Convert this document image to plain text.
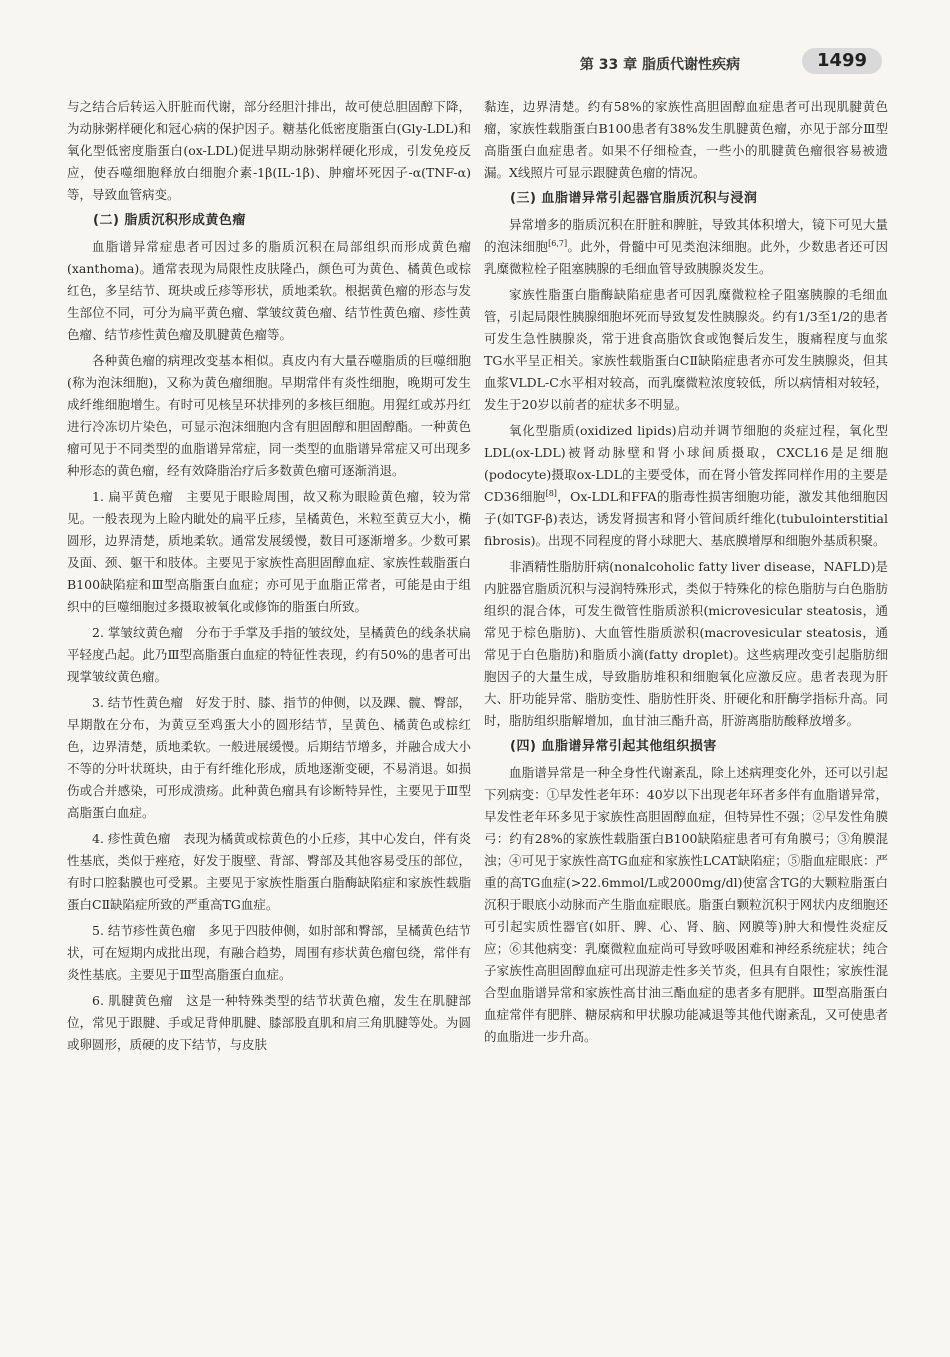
第 33 章 脂质代谢性疾病	1499

与之结合后转运入肝脏而代谢，部分经胆汁排出，故可使总胆固醇下降，为动脉粥样硬化和冠心病的保护因子。糖基化低密度脂蛋白(Gly-LDL)和氧化型低密度脂蛋白(ox-LDL)促进早期动脉粥样硬化形成，引发免疫反应，使吞噬细胞释放白细胞介素-1β(IL-1β)、肿瘤坏死因子-α(TNF-α)等，导致血管病变。

(二) 脂质沉积形成黄色瘤

血脂谱异常症患者可因过多的脂质沉积在局部组织而形成黄色瘤(xanthoma)。通常表现为局限性皮肤隆凸，颜色可为黄色、橘黄色或棕红色，多呈结节、斑块或丘疹等形状，质地柔软。根据黄色瘤的形态与发生部位不同，可分为扁平黄色瘤、掌皱纹黄色瘤、结节性黄色瘤、疹性黄色瘤、结节疹性黄色瘤及肌腱黄色瘤等。

各种黄色瘤的病理改变基本相似。真皮内有大量吞噬脂质的巨噬细胞(称为泡沫细胞)，又称为黄色瘤细胞。早期常伴有炎性细胞，晚期可发生成纤维细胞增生。有时可见核呈环状排列的多核巨细胞。用猩红或苏丹红进行冷冻切片染色，可显示泡沫细胞内含有胆固醇和胆固醇酯。一种黄色瘤可见于不同类型的血脂谱异常症，同一类型的血脂谱异常症又可出现多种形态的黄色瘤，经有效降脂治疗后多数黄色瘤可逐渐消退。

1. 扁平黄色瘤　主要见于眼睑周围，故又称为眼睑黄色瘤，较为常见。一般表现为上睑内眦处的扁平丘疹，呈橘黄色，米粒至黄豆大小，椭圆形，边界清楚，质地柔软。通常发展缓慢，数目可逐渐增多。少数可累及面、颈、躯干和肢体。主要见于家族性高胆固醇血症、家族性载脂蛋白B100缺陷症和Ⅲ型高脂蛋白血症；亦可见于血脂正常者，可能是由于组织中的巨噬细胞过多摄取被氧化或修饰的脂蛋白所致。

2. 掌皱纹黄色瘤　分布于手掌及手指的皱纹处，呈橘黄色的线条状扁平轻度凸起。此乃Ⅲ型高脂蛋白血症的特征性表现，约有50%的患者可出现掌皱纹黄色瘤。

3. 结节性黄色瘤　好发于肘、膝、指节的伸侧，以及踝、髋、臀部，早期散在分布，为黄豆至鸡蛋大小的圆形结节，呈黄色、橘黄色或棕红色，边界清楚，质地柔软。一般进展缓慢。后期结节增多，并融合成大小不等的分叶状斑块，由于有纤维化形成，质地逐渐变硬，不易消退。如损伤或合并感染，可形成溃疡。此种黄色瘤具有诊断特异性，主要见于Ⅲ型高脂蛋白血症。

4. 疹性黄色瘤　表现为橘黄或棕黄色的小丘疹，其中心发白，伴有炎性基底，类似于痤疮，好发于腹壁、背部、臀部及其他容易受压的部位，有时口腔黏膜也可受累。主要见于家族性脂蛋白脂酶缺陷症和家族性载脂蛋白CⅡ缺陷症所致的严重高TG血症。

5. 结节疹性黄色瘤　多见于四肢伸侧，如肘部和臀部，呈橘黄色结节状，可在短期内成批出现，有融合趋势，周围有疹状黄色瘤包绕，常伴有炎性基底。主要见于Ⅲ型高脂蛋白血症。

6. 肌腱黄色瘤　这是一种特殊类型的结节状黄色瘤，发生在肌腱部位，常见于跟腱、手或足背伸肌腱、膝部股直肌和肩三角肌腱等处。为圆或卵圆形，质硬的皮下结节，与皮肤

黏连，边界清楚。约有58%的家族性高胆固醇血症患者可出现肌腱黄色瘤，家族性载脂蛋白B100患者有38%发生肌腱黄色瘤，亦见于部分Ⅲ型高脂蛋白血症患者。如果不仔细检查，一些小的肌腱黄色瘤很容易被遗漏。X线照片可显示跟腱黄色瘤的情况。

(三) 血脂谱异常引起器官脂质沉积与浸润

异常增多的脂质沉积在肝脏和脾脏，导致其体积增大，镜下可见大量的泡沫细胞[6,7]。此外，骨髓中可见类泡沫细胞。此外，少数患者还可因乳糜微粒栓子阻塞胰腺的毛细血管导致胰腺炎发生。

家族性脂蛋白脂酶缺陷症患者可因乳糜微粒栓子阻塞胰腺的毛细血管，引起局限性胰腺细胞坏死而导致复发性胰腺炎。约有1/3至1/2的患者可发生急性胰腺炎，常于进食高脂饮食或饱餐后发生，腹痛程度与血浆TG水平呈正相关。家族性载脂蛋白CⅡ缺陷症患者亦可发生胰腺炎，但其血浆VLDL-C水平相对较高，而乳糜微粒浓度较低，所以病情相对较轻，发生于20岁以前者的症状多不明显。

氧化型脂质(oxidized lipids)启动并调节细胞的炎症过程，氧化型LDL(ox-LDL)被肾动脉壁和肾小球间质摄取，CXCL16是足细胞(podocyte)摄取ox-LDL的主要受体，而在肾小管发挥同样作用的主要是CD36细胞[8]，Ox-LDL和FFA的脂毒性损害细胞功能，激发其他细胞因子(如TGF-β)表达，诱发肾损害和肾小管间质纤维化(tubulointerstitial fibrosis)。出现不同程度的肾小球肥大、基底膜增厚和细胞外基质积聚。

非酒精性脂肪肝病(nonalcoholic fatty liver disease，NAFLD)是内脏器官脂质沉积与浸润特殊形式，类似于特殊化的棕色脂肪与白色脂肪组织的混合体，可发生微管性脂质淤积(microvesicular steatosis，通常见于棕色脂肪)、大血管性脂质淤积(macrovesicular steatosis，通常见于白色脂肪)和脂质小滴(fatty droplet)。这些病理改变引起脂肪细胞因子的大量生成，导致脂肪堆积和细胞氧化应激反应。患者表现为肝大、肝功能异常、脂肪变性、脂肪性肝炎、肝硬化和肝酶学指标升高。同时，脂肪组织脂解增加，血甘油三酯升高，肝游离脂肪酸释放增多。

(四) 血脂谱异常引起其他组织损害

血脂谱异常是一种全身性代谢紊乱，除上述病理变化外，还可以引起下列病变：①早发性老年环：40岁以下出现老年环者多伴有血脂谱异常，早发性老年环多见于家族性高胆固醇血症，但特异性不强；②早发性角膜弓：约有28%的家族性载脂蛋白B100缺陷症患者可有角膜弓；③角膜混浊；④可见于家族性高TG血症和家族性LCAT缺陷症；⑤脂血症眼底：严重的高TG血症(>22.6mmol/L或2000mg/dl)使富含TG的大颗粒脂蛋白沉积于眼底小动脉而产生脂血症眼底。脂蛋白颗粒沉积于网状内皮细胞还可引起实质性器官(如肝、脾、心、肾、脑、网膜等)肿大和慢性炎症反应；⑥其他病变：乳糜微粒血症尚可导致呼吸困难和神经系统症状；纯合子家族性高胆固醇血症可出现游走性多关节炎，但具有自限性；家族性混合型血脂谱异常和家族性高甘油三酯血症的患者多有肥胖。Ⅲ型高脂蛋白血症常伴有肥胖、糖尿病和甲状腺功能减退等其他代谢紊乱，又可使患者的血脂进一步升高。
